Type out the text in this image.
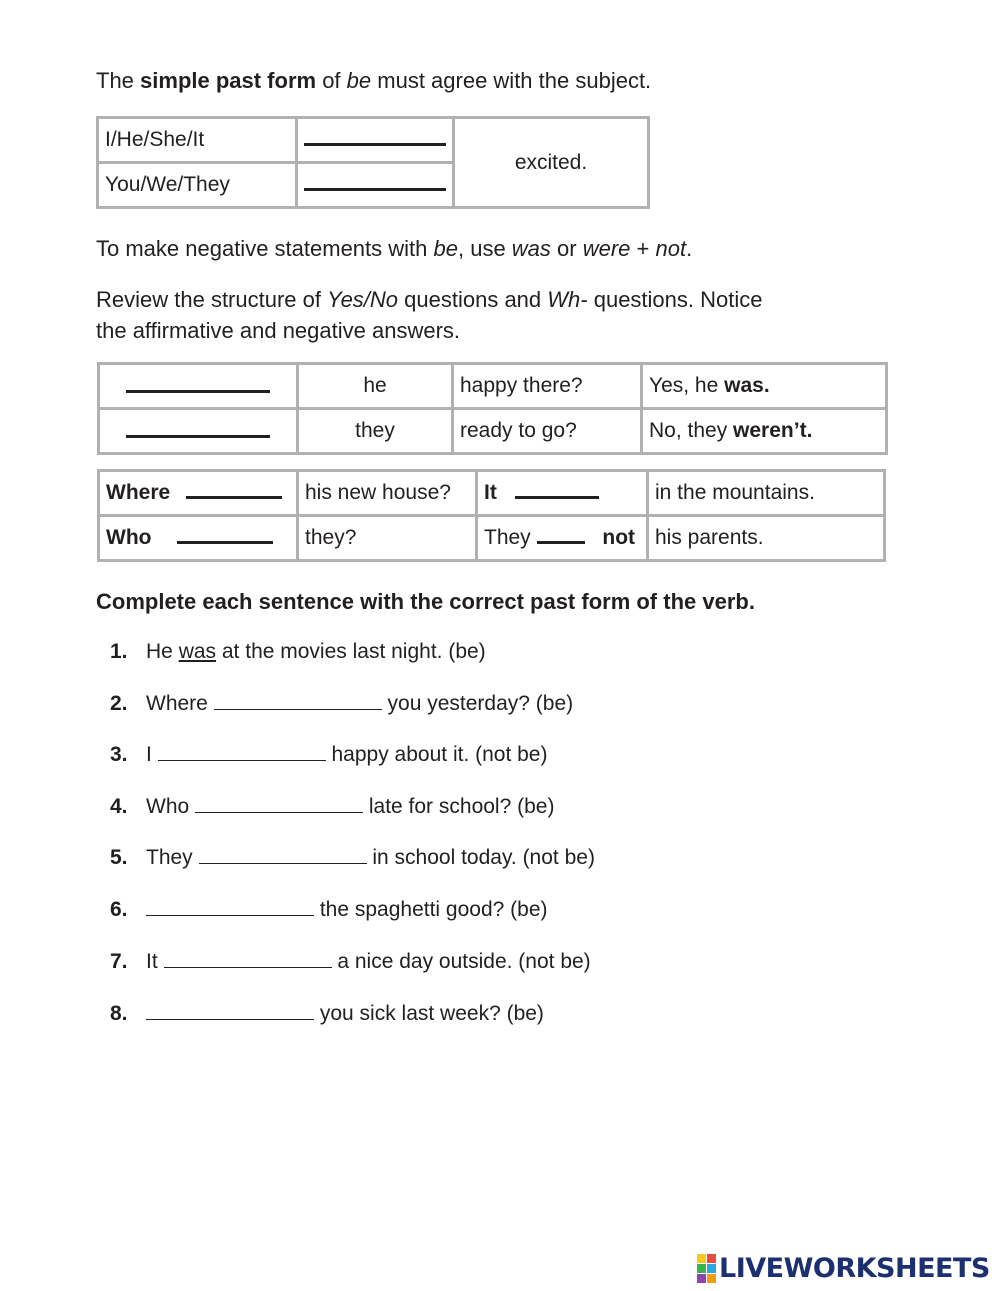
The simple past form of be must agree with the subject.
I/He/She/It		excited.
You/We/They		
To make negative statements with be, use was or were + not.
Review the structure of Yes/No questions and Wh- questions. Notice
the affirmative and negative answers.
	he	happy there?	Yes, he was.
	they	ready to go?	No, they weren’t.
Where	his new house?	It	in the mountains.
Who	they?	They not	his parents.
Complete each sentence with the correct past form of the verb.
1. He was at the movies last night. (be)
2. Where	you yesterday? (be)
3. I	happy about it. (not be)
4. Who	late for school? (be)
5. They	in school today. (not be)
6.	the spaghetti good? (be)
7. It	a nice day outside. (not be)
8.	you sick last week? (be)
LIVEWORKSHEETS
